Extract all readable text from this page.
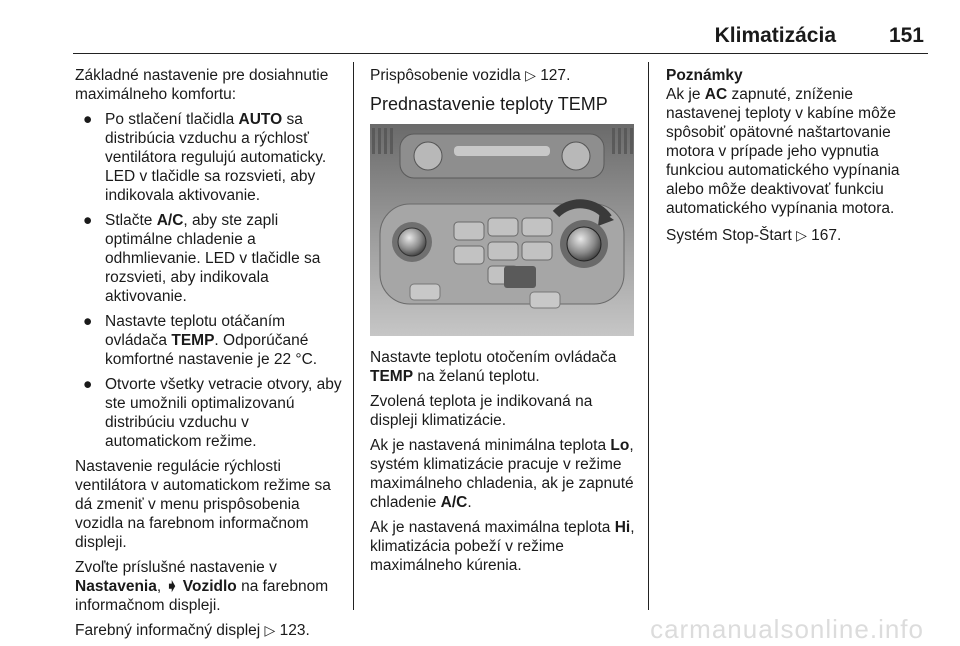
Klimatizácia	151

Základné nastavenie pre dosiahnutie maximálneho komfortu:

● Po stlačení tlačidla AUTO sa distribúcia vzduchu a rýchlosť ventilátora regulujú automaticky. LED v tlačidle sa rozsvieti, aby indikovala aktivovanie.
● Stlačte A/C, aby ste zapli optimálne chladenie a odhmlievanie. LED v tlačidle sa rozsvieti, aby indikovala aktivovanie.
● Nastavte teplotu otáčaním ovládača TEMP. Odporúčané komfortné nastavenie je 22 °C.
● Otvorte všetky vetracie otvory, aby ste umožnili optimalizovanú distribúciu vzduchu v automatickom režime.

Nastavenie regulácie rýchlosti ventilátora v automatickom režime sa dá zmeniť v menu prispôsobenia vozidla na farebnom informačnom displeji.

Zvoľte príslušné nastavenie v Nastavenia, ➧ Vozidlo na farebnom informačnom displeji.

Farebný informačný displej ▷ 123.

Prispôsobenie vozidla ▷ 127.

Prednastavenie teploty TEMP

Nastavte teplotu otočením ovládača TEMP na želanú teplotu.

Zvolená teplota je indikovaná na displeji klimatizácie.

Ak je nastavená minimálna teplota Lo, systém klimatizácie pracuje v režime maximálneho chladenia, ak je zapnuté chladenie A/C.

Ak je nastavená maximálna teplota Hi, klimatizácia pobeží v režime maximálneho kúrenia.

Poznámky
Ak je AC zapnuté, zníženie nastavenej teploty v kabíne môže spôsobiť opätovné naštartovanie motora v prípade jeho vypnutia funkciou automatického vypínania alebo môže deaktivovať funkciu automatického vypínania motora.

Systém Stop-Štart ▷ 167.

carmanualsonline.info
